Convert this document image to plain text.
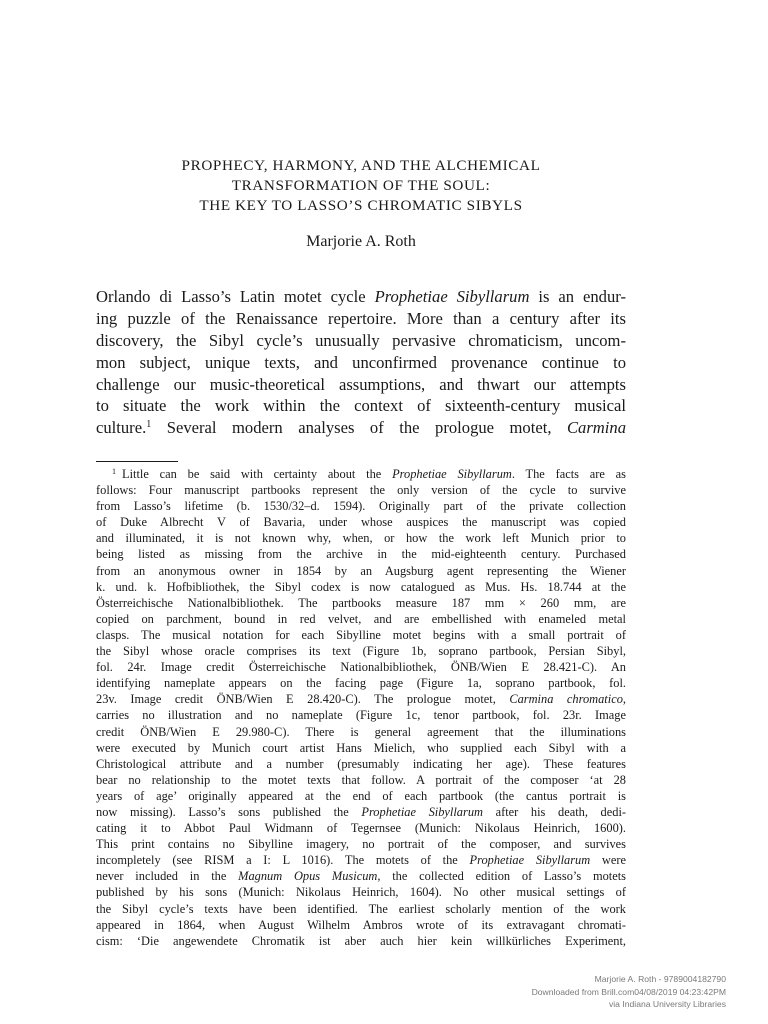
PROPHECY, HARMONY, AND THE ALCHEMICAL
TRANSFORMATION OF THE SOUL:
THE KEY TO LASSO’S CHROMATIC SIBYLS
Marjorie A. Roth
Orlando di Lasso’s Latin motet cycle Prophetiae Sibyllarum is an endur-
ing puzzle of the Renaissance repertoire. More than a century after its
discovery, the Sibyl cycle’s unusually pervasive chromaticism, uncom-
mon subject, unique texts, and unconfirmed provenance continue to
challenge our music-theoretical assumptions, and thwart our attempts
to situate the work within the context of sixteenth-century musical
culture.$^1$ Several modern analyses of the prologue motet, Carmina
$^1$ Little can be said with certainty about the Prophetiae Sibyllarum. The facts are as
follows: Four manuscript partbooks represent the only version of the cycle to survive
from Lasso’s lifetime (b. 1530/32–d. 1594). Originally part of the private collection
of Duke Albrecht V of Bavaria, under whose auspices the manuscript was copied
and illuminated, it is not known why, when, or how the work left Munich prior to
being listed as missing from the archive in the mid-eighteenth century. Purchased
from an anonymous owner in 1854 by an Augsburg agent representing the Wiener
k. und. k. Hofbibliothek, the Sibyl codex is now catalogued as Mus. Hs. 18.744 at the
Österreichische Nationalbibliothek. The partbooks measure 187 mm × 260 mm, are
copied on parchment, bound in red velvet, and are embellished with enameled metal
clasps. The musical notation for each Sibylline motet begins with a small portrait of
the Sibyl whose oracle comprises its text (Figure 1b, soprano partbook, Persian Sibyl,
fol. 24r. Image credit Österreichische Nationalbibliothek, ÖNB/Wien E 28.421-C). An
identifying nameplate appears on the facing page (Figure 1a, soprano partbook, fol.
23v. Image credit ÖNB/Wien E 28.420-C). The prologue motet, Carmina chromatico,
carries no illustration and no nameplate (Figure 1c, tenor partbook, fol. 23r. Image
credit ÖNB/Wien E 29.980-C). There is general agreement that the illuminations
were executed by Munich court artist Hans Mielich, who supplied each Sibyl with a
Christological attribute and a number (presumably indicating her age). These features
bear no relationship to the motet texts that follow. A portrait of the composer ‘at 28
years of age’ originally appeared at the end of each partbook (the cantus portrait is
now missing). Lasso’s sons published the Prophetiae Sibyllarum after his death, dedi-
cating it to Abbot Paul Widmann of Tegernsee (Munich: Nikolaus Heinrich, 1600).
This print contains no Sibylline imagery, no portrait of the composer, and survives
incompletely (see RISM a I: L 1016). The motets of the Prophetiae Sibyllarum were
never included in the Magnum Opus Musicum, the collected edition of Lasso’s motets
published by his sons (Munich: Nikolaus Heinrich, 1604). No other musical settings of
the Sibyl cycle’s texts have been identified. The earliest scholarly mention of the work
appeared in 1864, when August Wilhelm Ambros wrote of its extravagant chromati-
cism: ‘Die angewendete Chromatik ist aber auch hier kein willkürliches Experiment,
Marjorie A. Roth - 9789004182790
Downloaded from Brill.com04/08/2019 04:23:42PM
via Indiana University Libraries
